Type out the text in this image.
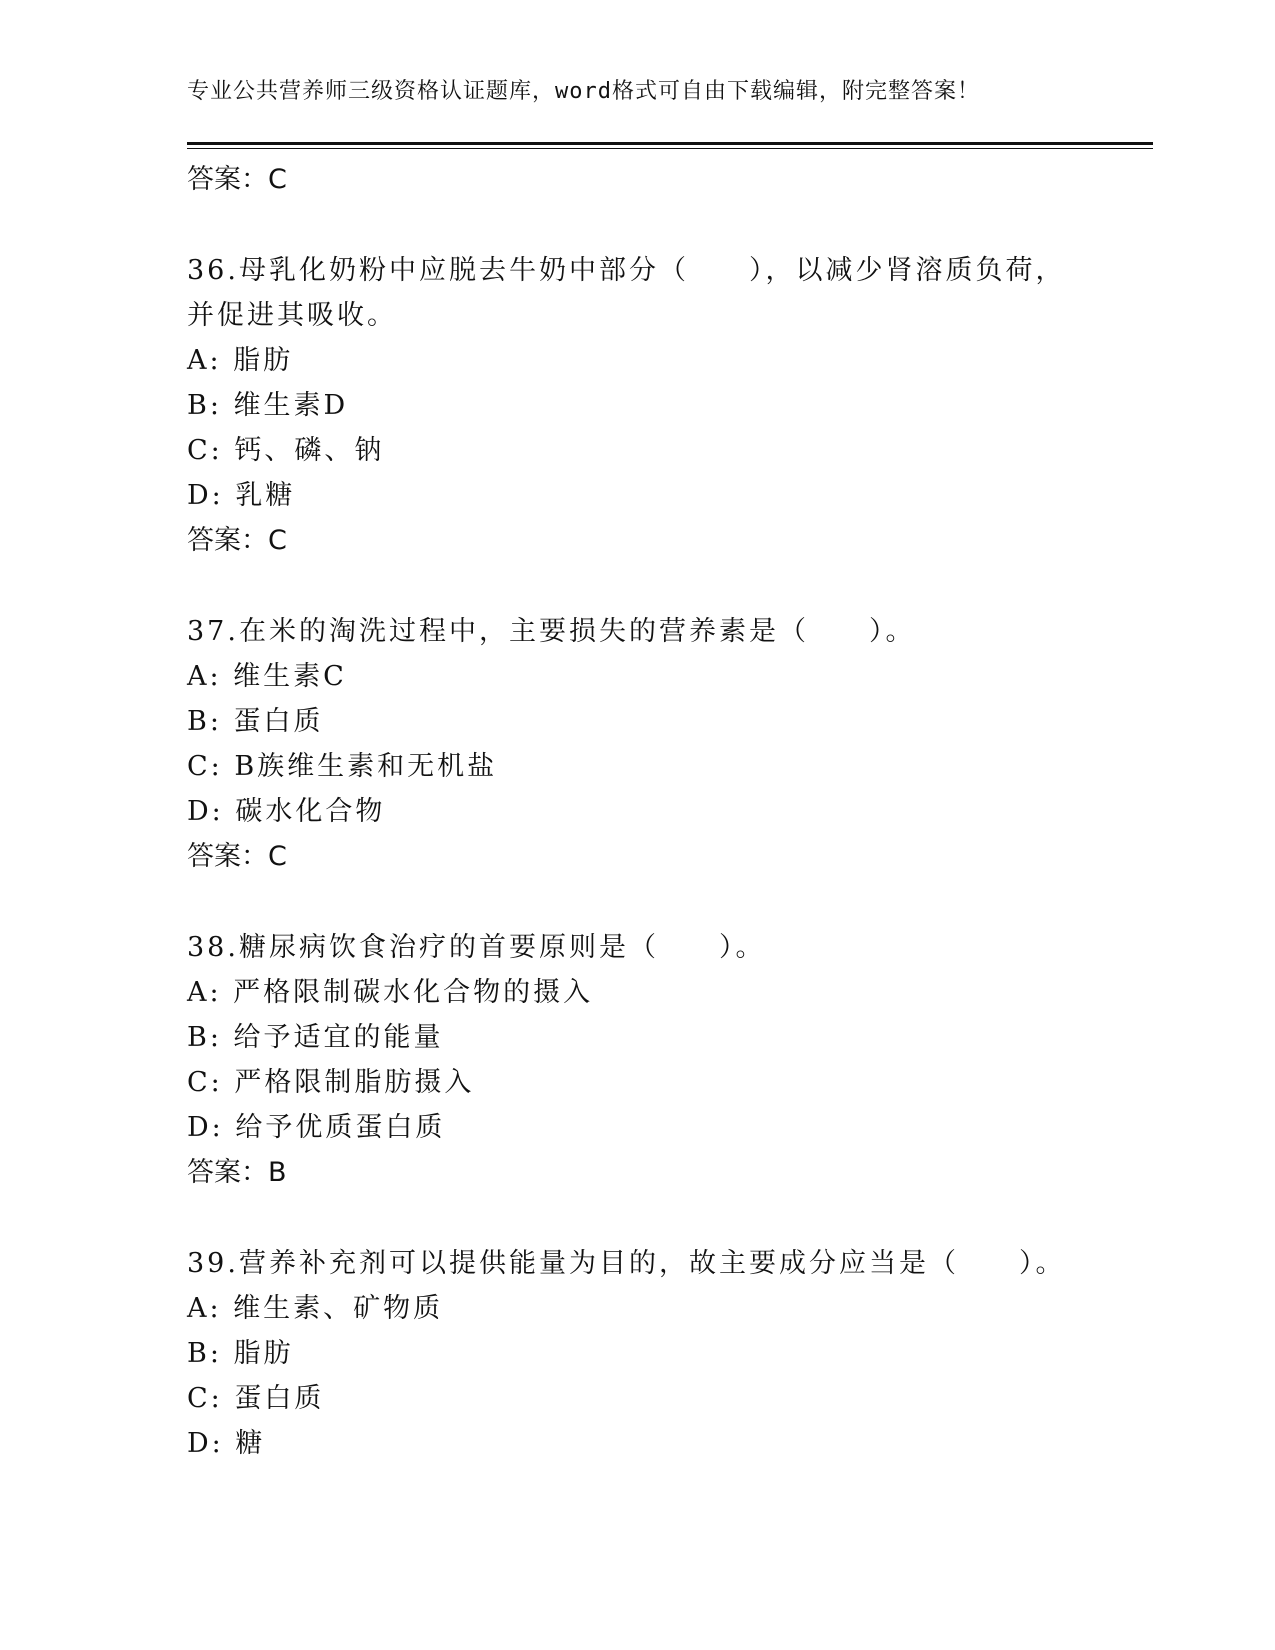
专业公共营养师三级资格认证题库，word格式可自由下载编辑，附完整答案！
答案：C
36.母乳化奶粉中应脱去牛奶中部分（　　），以减少肾溶质负荷，并促进其吸收。
A: 脂肪
B: 维生素D
C: 钙、磷、钠
D: 乳糖
答案：C
37.在米的淘洗过程中，主要损失的营养素是（　　）。
A: 维生素C
B: 蛋白质
C: B族维生素和无机盐
D: 碳水化合物
答案：C
38.糖尿病饮食治疗的首要原则是（　　）。
A: 严格限制碳水化合物的摄入
B: 给予适宜的能量
C: 严格限制脂肪摄入
D: 给予优质蛋白质
答案：B
39.营养补充剂可以提供能量为目的，故主要成分应当是（　　）。
A: 维生素、矿物质
B: 脂肪
C: 蛋白质
D: 糖
